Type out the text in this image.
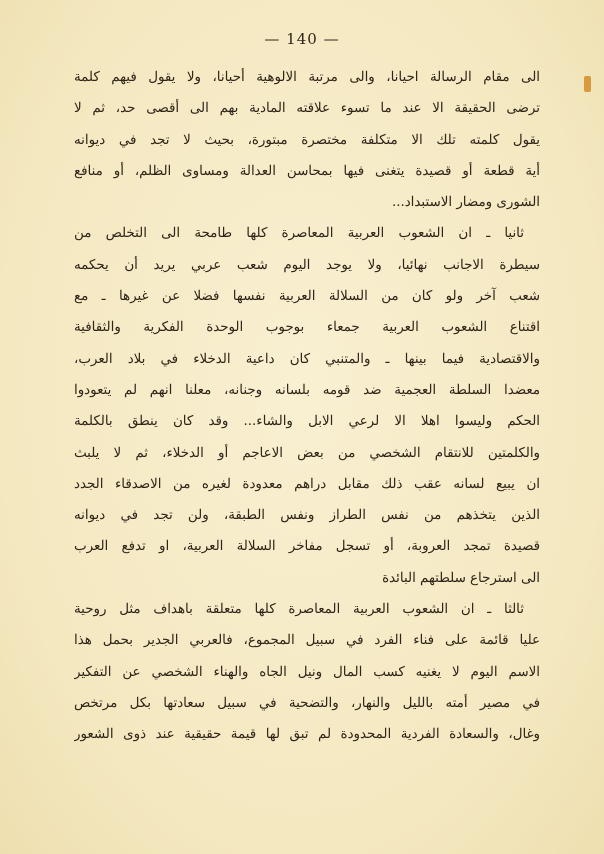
— 140 —
الى مقام الرسالة احيانا، والى مرتبة الالوهية أحيانا، ولا يقول فيهم كلمة
ترضى الحقيقة الا عند ما تسوء علاقته المادية بهم الى أقصى حد، ثم لا
يقول كلمته تلك الا متكلفة مختصرة مبتورة، بحيث لا تجد في ديوانه
أية قطعة أو قصيدة يتغنى فيها بمحاسن العدالة ومساوى الظلم، أو منافع
الشورى ومضار الاستبداد...
ثانيا ـ ان الشعوب العربية المعاصرة كلها طامحة الى التخلص من
سيطرة الاجانب نهائيا، ولا يوجد اليوم شعب عربي يريد أن يحكمه
شعب آخر ولو كان من السلالة العربية نفسها فضلا عن غيرها ـ مع
اقتناع الشعوب العربية جمعاء بوجوب الوحدة الفكرية والثقافية
والاقتصادية فيما بينها ـ والمتنبي كان داعية الدخلاء في بلاد العرب،
معضدا السلطة العجمية ضد قومه بلسانه وجنانه، معلنا انهم لم يتعودوا
الحكم وليسوا اهلا الا لرعي الابل والشاء... وقد كان ينطق بالكلمة
والكلمتين للانتقام الشخصي من بعض الاعاجم أو الدخلاء، ثم لا يلبث
ان يبيع لسانه عقب ذلك مقابل دراهم معدودة لغيره من الاصدقاء الجدد
الذين يتخذهم من نفس الطراز ونفس الطبقة، ولن تجد في ديوانه
قصيدة تمجد العروبة، أو تسجل مفاخر السلالة العربية، او تدفع العرب
الى استرجاع سلطتهم البائدة
ثالثا ـ ان الشعوب العربية المعاصرة كلها متعلقة باهداف مثل روحية
عليا قائمة على فناء الفرد في سبيل المجموع، فالعربي الجدير بحمل هذا
الاسم اليوم لا يغنيه كسب المال ونيل الجاه والهناء الشخصي عن التفكير
في مصير أمته بالليل والنهار، والتضحية في سبيل سعادتها بكل مرتخص
وغال، والسعادة الفردية المحدودة لم تبق لها قيمة حقيقية عند ذوى الشعور
